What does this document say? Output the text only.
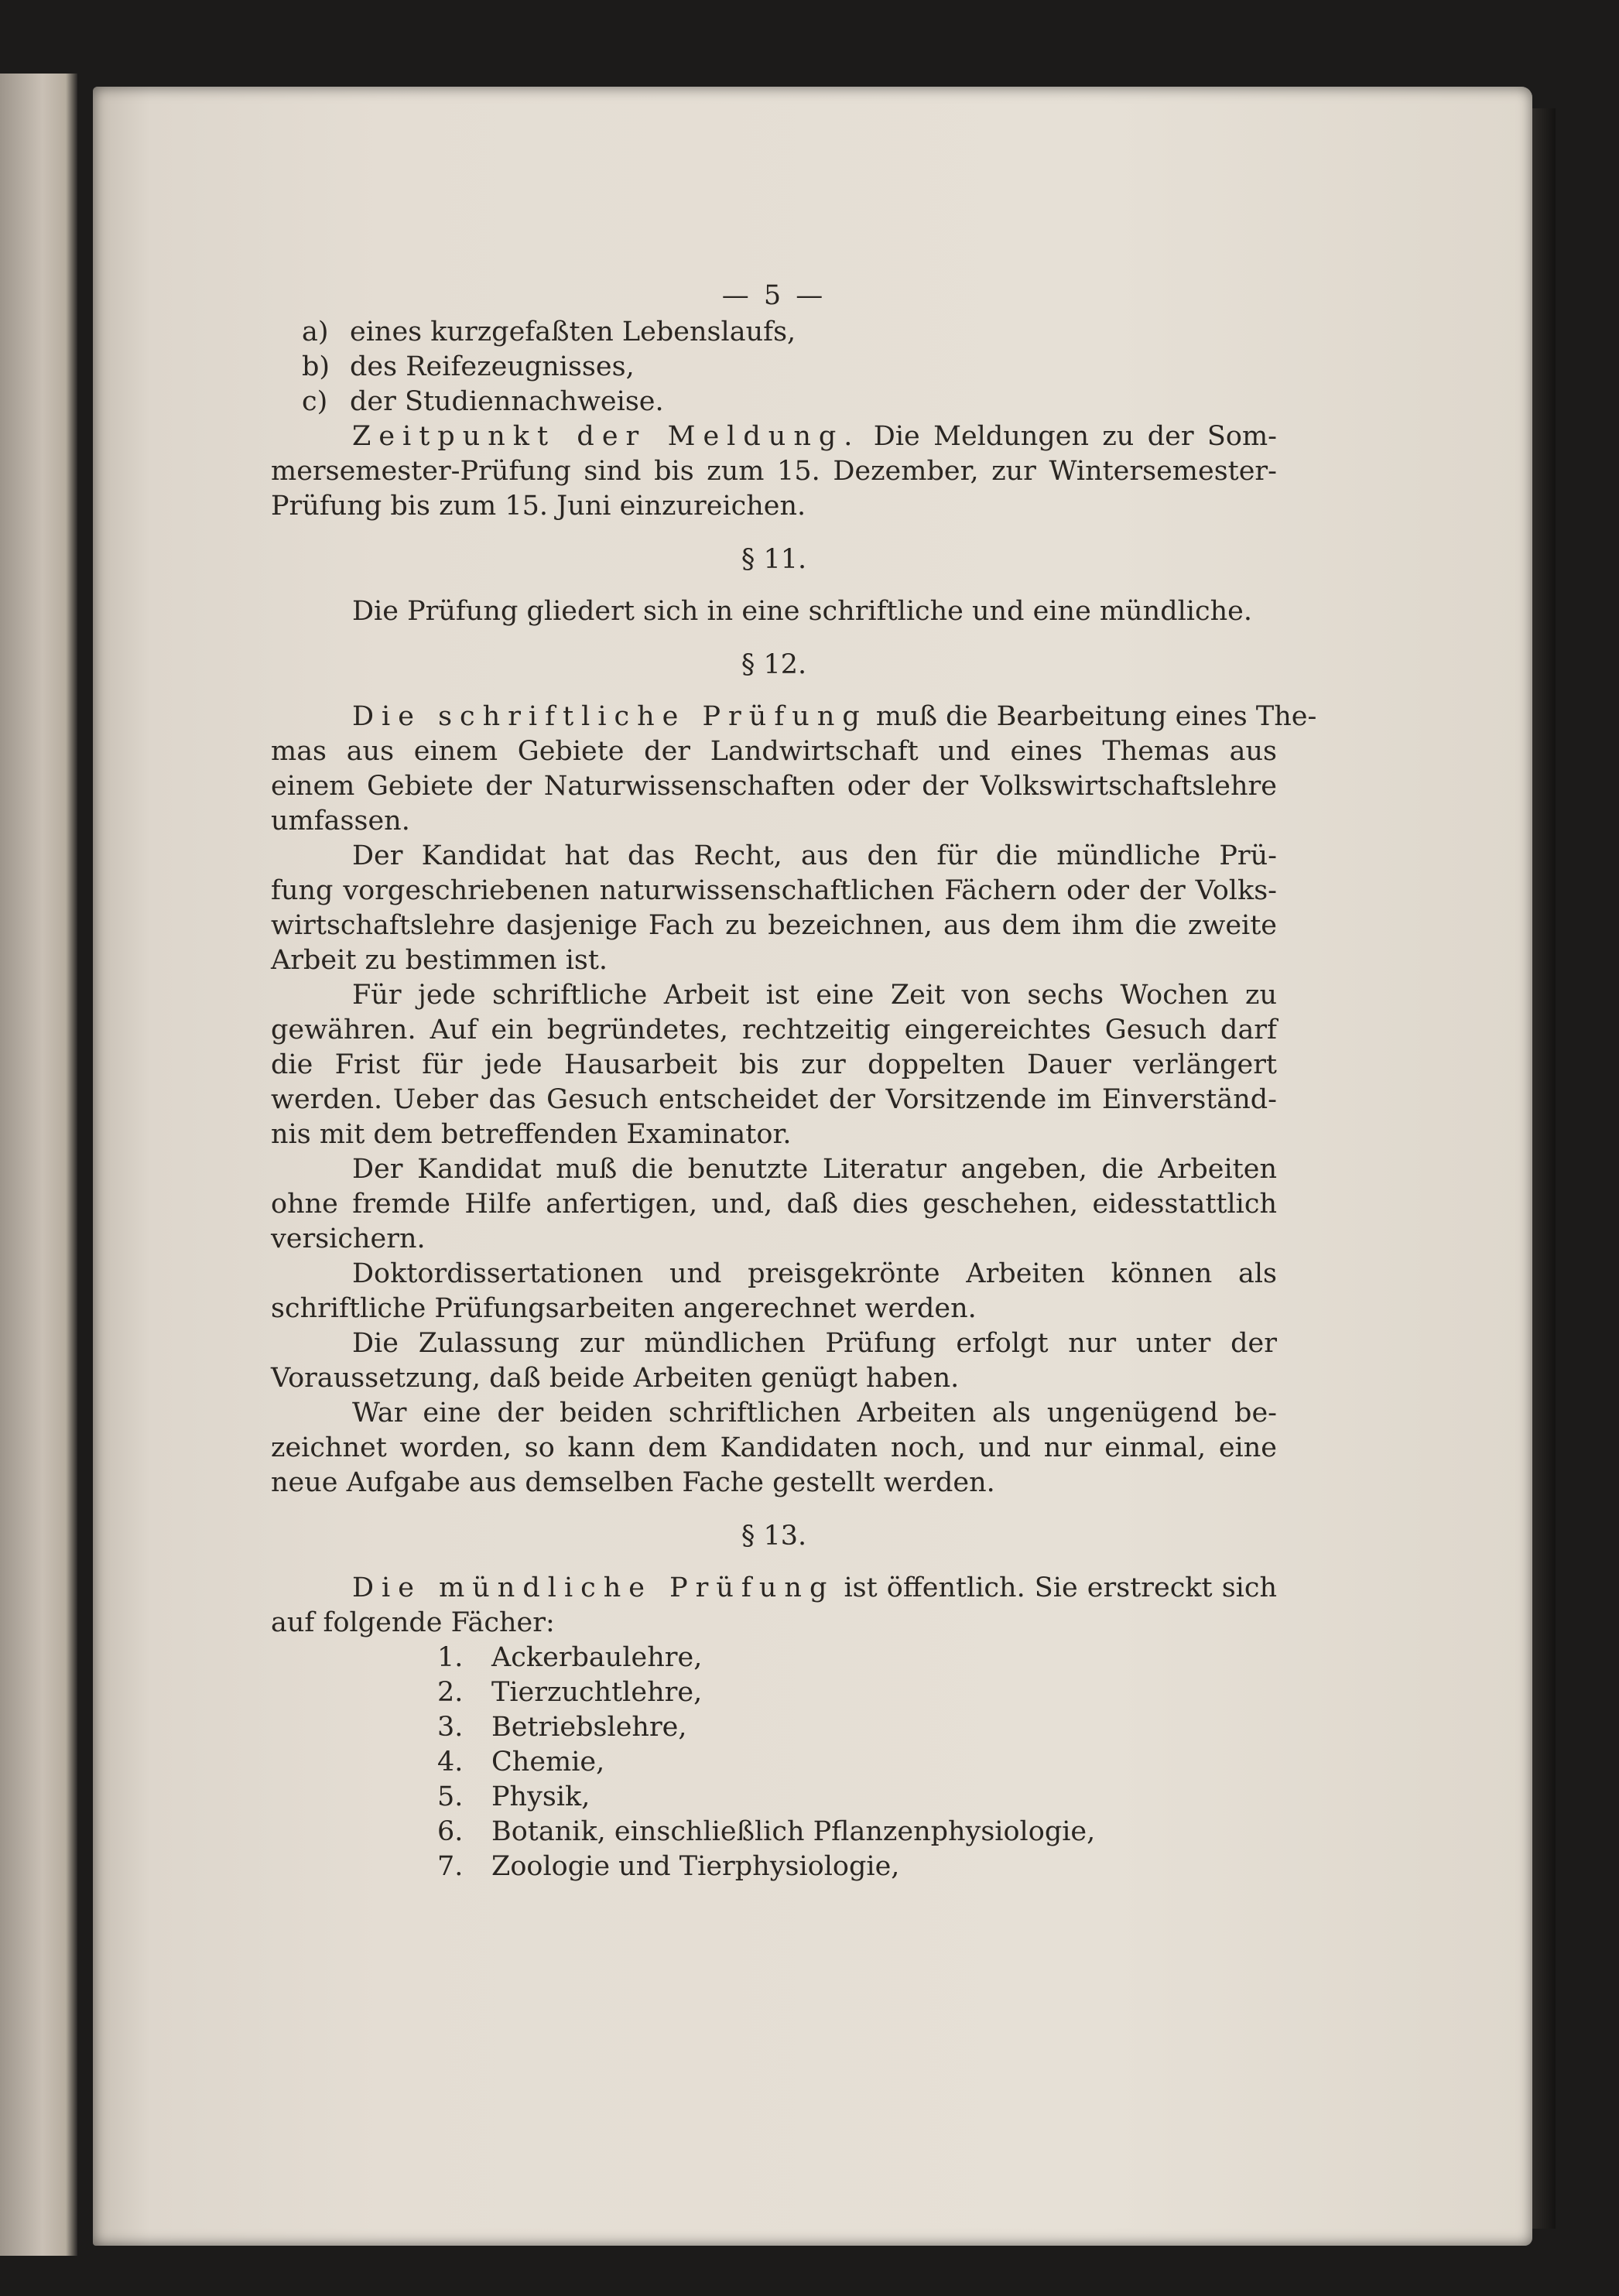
— 5 —
a) eines kurzgefaßten Lebenslaufs,
b) des Reifezeugnisses,
c) der Studiennachweise.
Zeitpunkt der Meldung. Die Meldungen zu der Som-
mersemester-Prüfung sind bis zum 15. Dezember, zur Wintersemester-
Prüfung bis zum 15. Juni einzureichen.
§ 11.
Die Prüfung gliedert sich in eine schriftliche und eine mündliche.
§ 12.
Die schriftliche Prüfung muß die Bearbeitung eines The-
mas aus einem Gebiete der Landwirtschaft und eines Themas aus
einem Gebiete der Naturwissenschaften oder der Volkswirtschaftslehre
umfassen.
Der Kandidat hat das Recht, aus den für die mündliche Prü-
fung vorgeschriebenen naturwissenschaftlichen Fächern oder der Volks-
wirtschaftslehre dasjenige Fach zu bezeichnen, aus dem ihm die zweite
Arbeit zu bestimmen ist.
Für jede schriftliche Arbeit ist eine Zeit von sechs Wochen zu
gewähren. Auf ein begründetes, rechtzeitig eingereichtes Gesuch darf
die Frist für jede Hausarbeit bis zur doppelten Dauer verlängert
werden. Ueber das Gesuch entscheidet der Vorsitzende im Einverständ-
nis mit dem betreffenden Examinator.
Der Kandidat muß die benutzte Literatur angeben, die Arbeiten
ohne fremde Hilfe anfertigen, und, daß dies geschehen, eidesstattlich
versichern.
Doktordissertationen und preisgekrönte Arbeiten können als
schriftliche Prüfungsarbeiten angerechnet werden.
Die Zulassung zur mündlichen Prüfung erfolgt nur unter der
Voraussetzung, daß beide Arbeiten genügt haben.
War eine der beiden schriftlichen Arbeiten als ungenügend be-
zeichnet worden, so kann dem Kandidaten noch, und nur einmal, eine
neue Aufgabe aus demselben Fache gestellt werden.
§ 13.
Die mündliche Prüfung ist öffentlich. Sie erstreckt sich
auf folgende Fächer:
1. Ackerbaulehre,
2. Tierzuchtlehre,
3. Betriebslehre,
4. Chemie,
5. Physik,
6. Botanik, einschließlich Pflanzenphysiologie,
7. Zoologie und Tierphysiologie,
